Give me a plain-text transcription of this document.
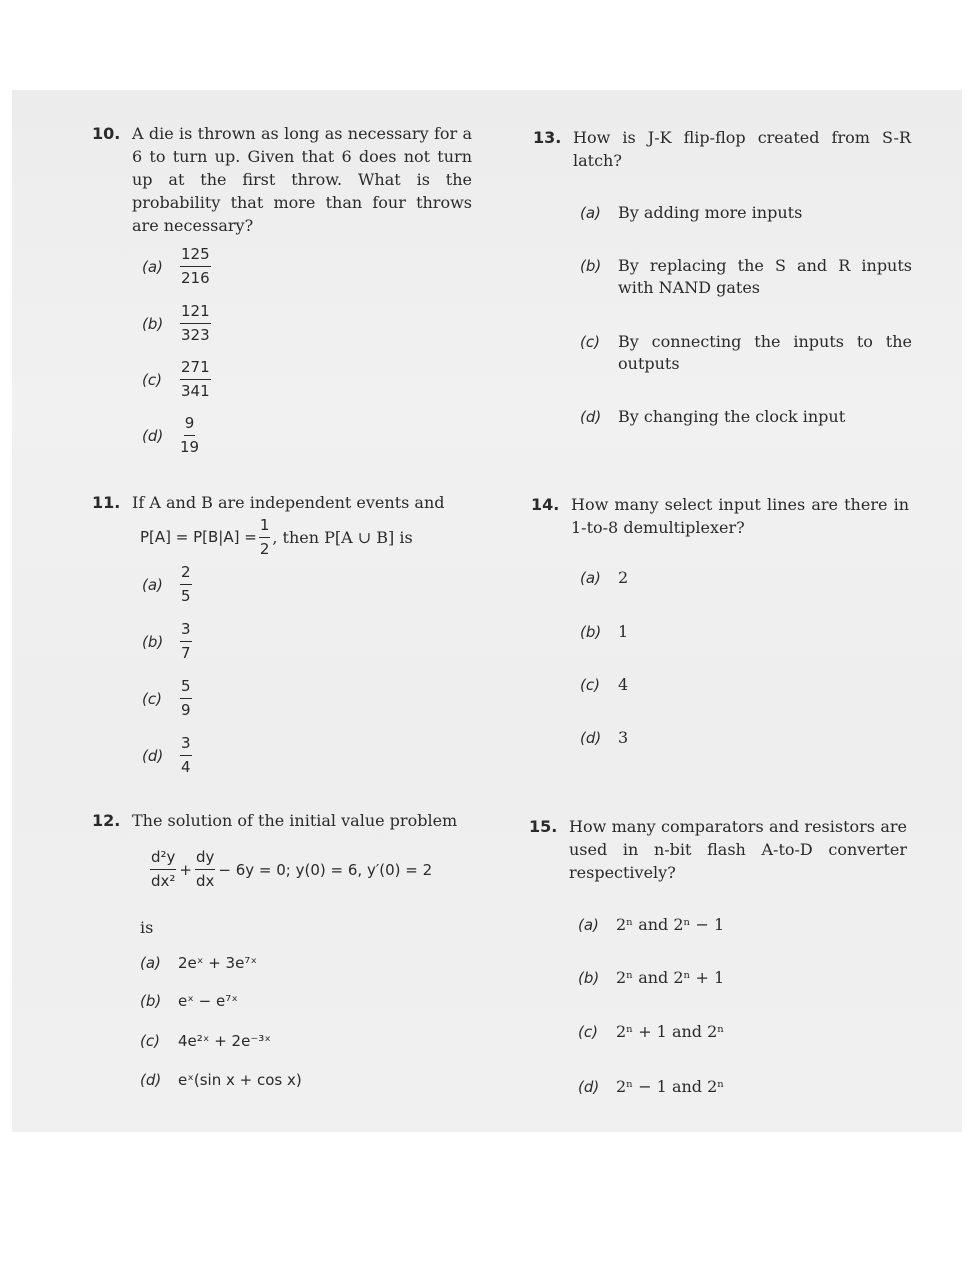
10. A die is thrown as long as necessary for a 6 to turn up. Given that 6 does not turn up at the first throw. What is the probability that more than four throws are necessary?
(a)	$\frac{125}{216}$
(b)	$\frac{121}{323}$
(c)	$\frac{271}{341}$
(d)	$\frac{9}{19}$
11. If A and B are independent events and
$P[A] = P[B|A] = \frac{1}{2}$ , then P[A ∪ B] is
(a)	$\frac{2}{5}$
(b)	$\frac{3}{7}$
(c)	$\frac{5}{9}$
(d)	$\frac{3}{4}$
12. The solution of the initial value problem
$\frac{\text{d²y}}{\text{dx²}} + \frac{dy}{dx} - 6y = 0$; y(0) = 6, y′(0) = 2
is
(a)	2eˣ + 3e⁷ˣ
(b)	eˣ − e⁷ˣ
(c)	4e²ˣ + 2e⁻³ˣ
(d)	eˣ(sin x + cos x)
13. How is J-K flip-flop created from S-R latch?
(a)	By adding more inputs
(b)	By replacing the S and R inputs with NAND gates
(c)	By connecting the inputs to the outputs
(d)	By changing the clock input
14. How many select input lines are there in 1-to-8 demultiplexer?
(a)	2
(b)	1
(c)	4
(d)	3
15. How many comparators and resistors are used in n-bit flash A-to-D converter respectively?
(a)	2ⁿ and 2ⁿ − 1
(b)	2ⁿ and 2ⁿ + 1
(c)	2ⁿ + 1 and 2ⁿ
(d)	2ⁿ − 1 and 2ⁿ
